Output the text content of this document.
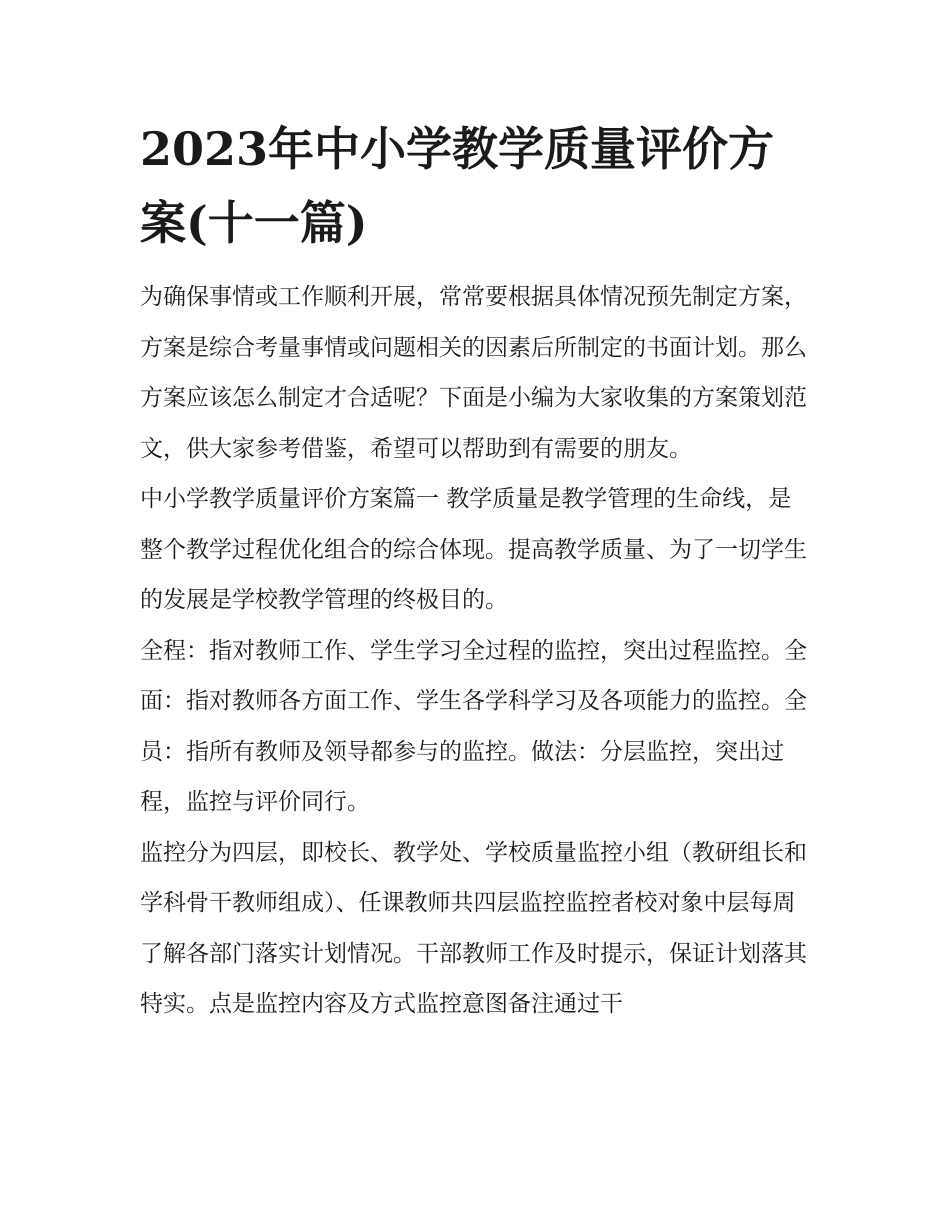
2023年中小学教学质量评价方案(十一篇)

为确保事情或工作顺利开展，常常要根据具体情况预先制定方案，方案是综合考量事情或问题相关的因素后所制定的书面计划。那么方案应该怎么制定才合适呢？下面是小编为大家收集的方案策划范文，供大家参考借鉴，希望可以帮助到有需要的朋友。

中小学教学质量评价方案篇一 教学质量是教学管理的生命线，是整个教学过程优化组合的综合体现。提高教学质量、为了一切学生的发展是学校教学管理的终极目的。

全程：指对教师工作、学生学习全过程的监控，突出过程监控。全面：指对教师各方面工作、学生各学科学习及各项能力的监控。全员：指所有教师及领导都参与的监控。做法：分层监控，突出过程，监控与评价同行。

监控分为四层，即校长、教学处、学校质量监控小组（教研组长和学科骨干教师组成）、任课教师共四层监控监控者校对象中层每周了解各部门落实计划情况。干部教师工作及时提示，保证计划落其特实。点是监控内容及方式监控意图备注通过干
